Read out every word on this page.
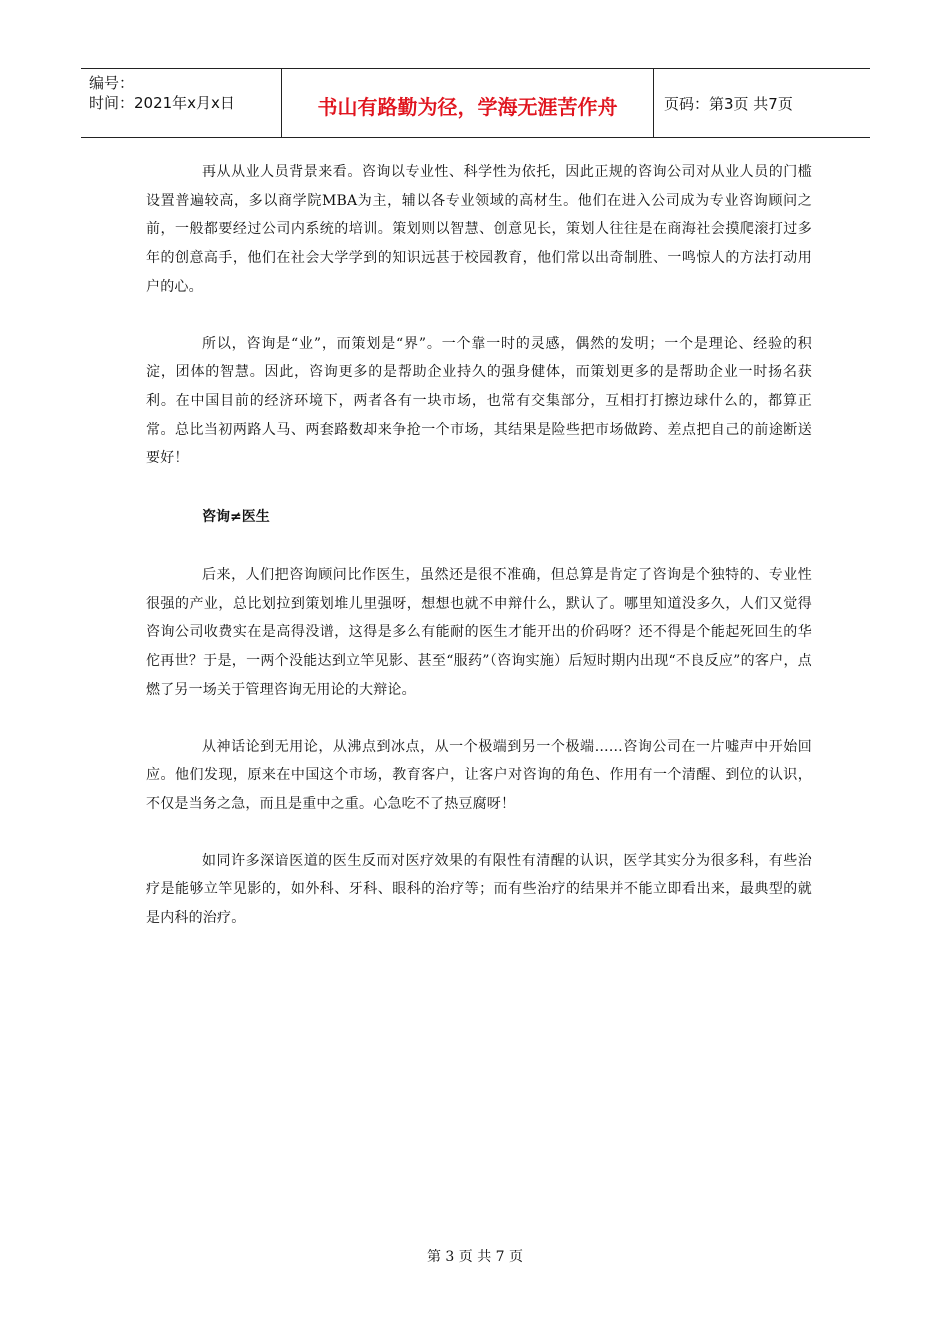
编号：
时间：2021年x月x日	书山有路勤为径，学海无涯苦作舟	页码：第3页 共7页

再从从业人员背景来看。咨询以专业性、科学性为依托，因此正规的咨询公司对从业人员的门槛设置普遍较高，多以商学院MBA为主，辅以各专业领域的高材生。他们在进入公司成为专业咨询顾问之前，一般都要经过公司内系统的培训。策划则以智慧、创意见长，策划人往往是在商海社会摸爬滚打过多年的创意高手，他们在社会大学学到的知识远甚于校园教育，他们常以出奇制胜、一鸣惊人的方法打动用户的心。

所以，咨询是“业”，而策划是“界”。一个靠一时的灵感，偶然的发明；一个是理论、经验的积淀，团体的智慧。因此，咨询更多的是帮助企业持久的强身健体，而策划更多的是帮助企业一时扬名获利。在中国目前的经济环境下，两者各有一块市场，也常有交集部分，互相打打擦边球什么的，都算正常。总比当初两路人马、两套路数却来争抢一个市场，其结果是险些把市场做跨、差点把自己的前途断送要好！

咨询≠医生

后来，人们把咨询顾问比作医生，虽然还是很不准确，但总算是肯定了咨询是个独特的、专业性很强的产业，总比划拉到策划堆儿里强呀，想想也就不申辩什么，默认了。哪里知道没多久，人们又觉得咨询公司收费实在是高得没谱，这得是多么有能耐的医生才能开出的价码呀？还不得是个能起死回生的华佗再世？于是，一两个没能达到立竿见影、甚至“服药”（咨询实施）后短时期内出现“不良反应”的客户，点燃了另一场关于管理咨询无用论的大辩论。

从神话论到无用论，从沸点到冰点，从一个极端到另一个极端……咨询公司在一片嘘声中开始回应。他们发现，原来在中国这个市场，教育客户，让客户对咨询的角色、作用有一个清醒、到位的认识，不仅是当务之急，而且是重中之重。心急吃不了热豆腐呀！

如同许多深谙医道的医生反而对医疗效果的有限性有清醒的认识，医学其实分为很多科，有些治疗是能够立竿见影的，如外科、牙科、眼科的治疗等；而有些治疗的结果并不能立即看出来，最典型的就是内科的治疗。

第 3 页 共 7 页
